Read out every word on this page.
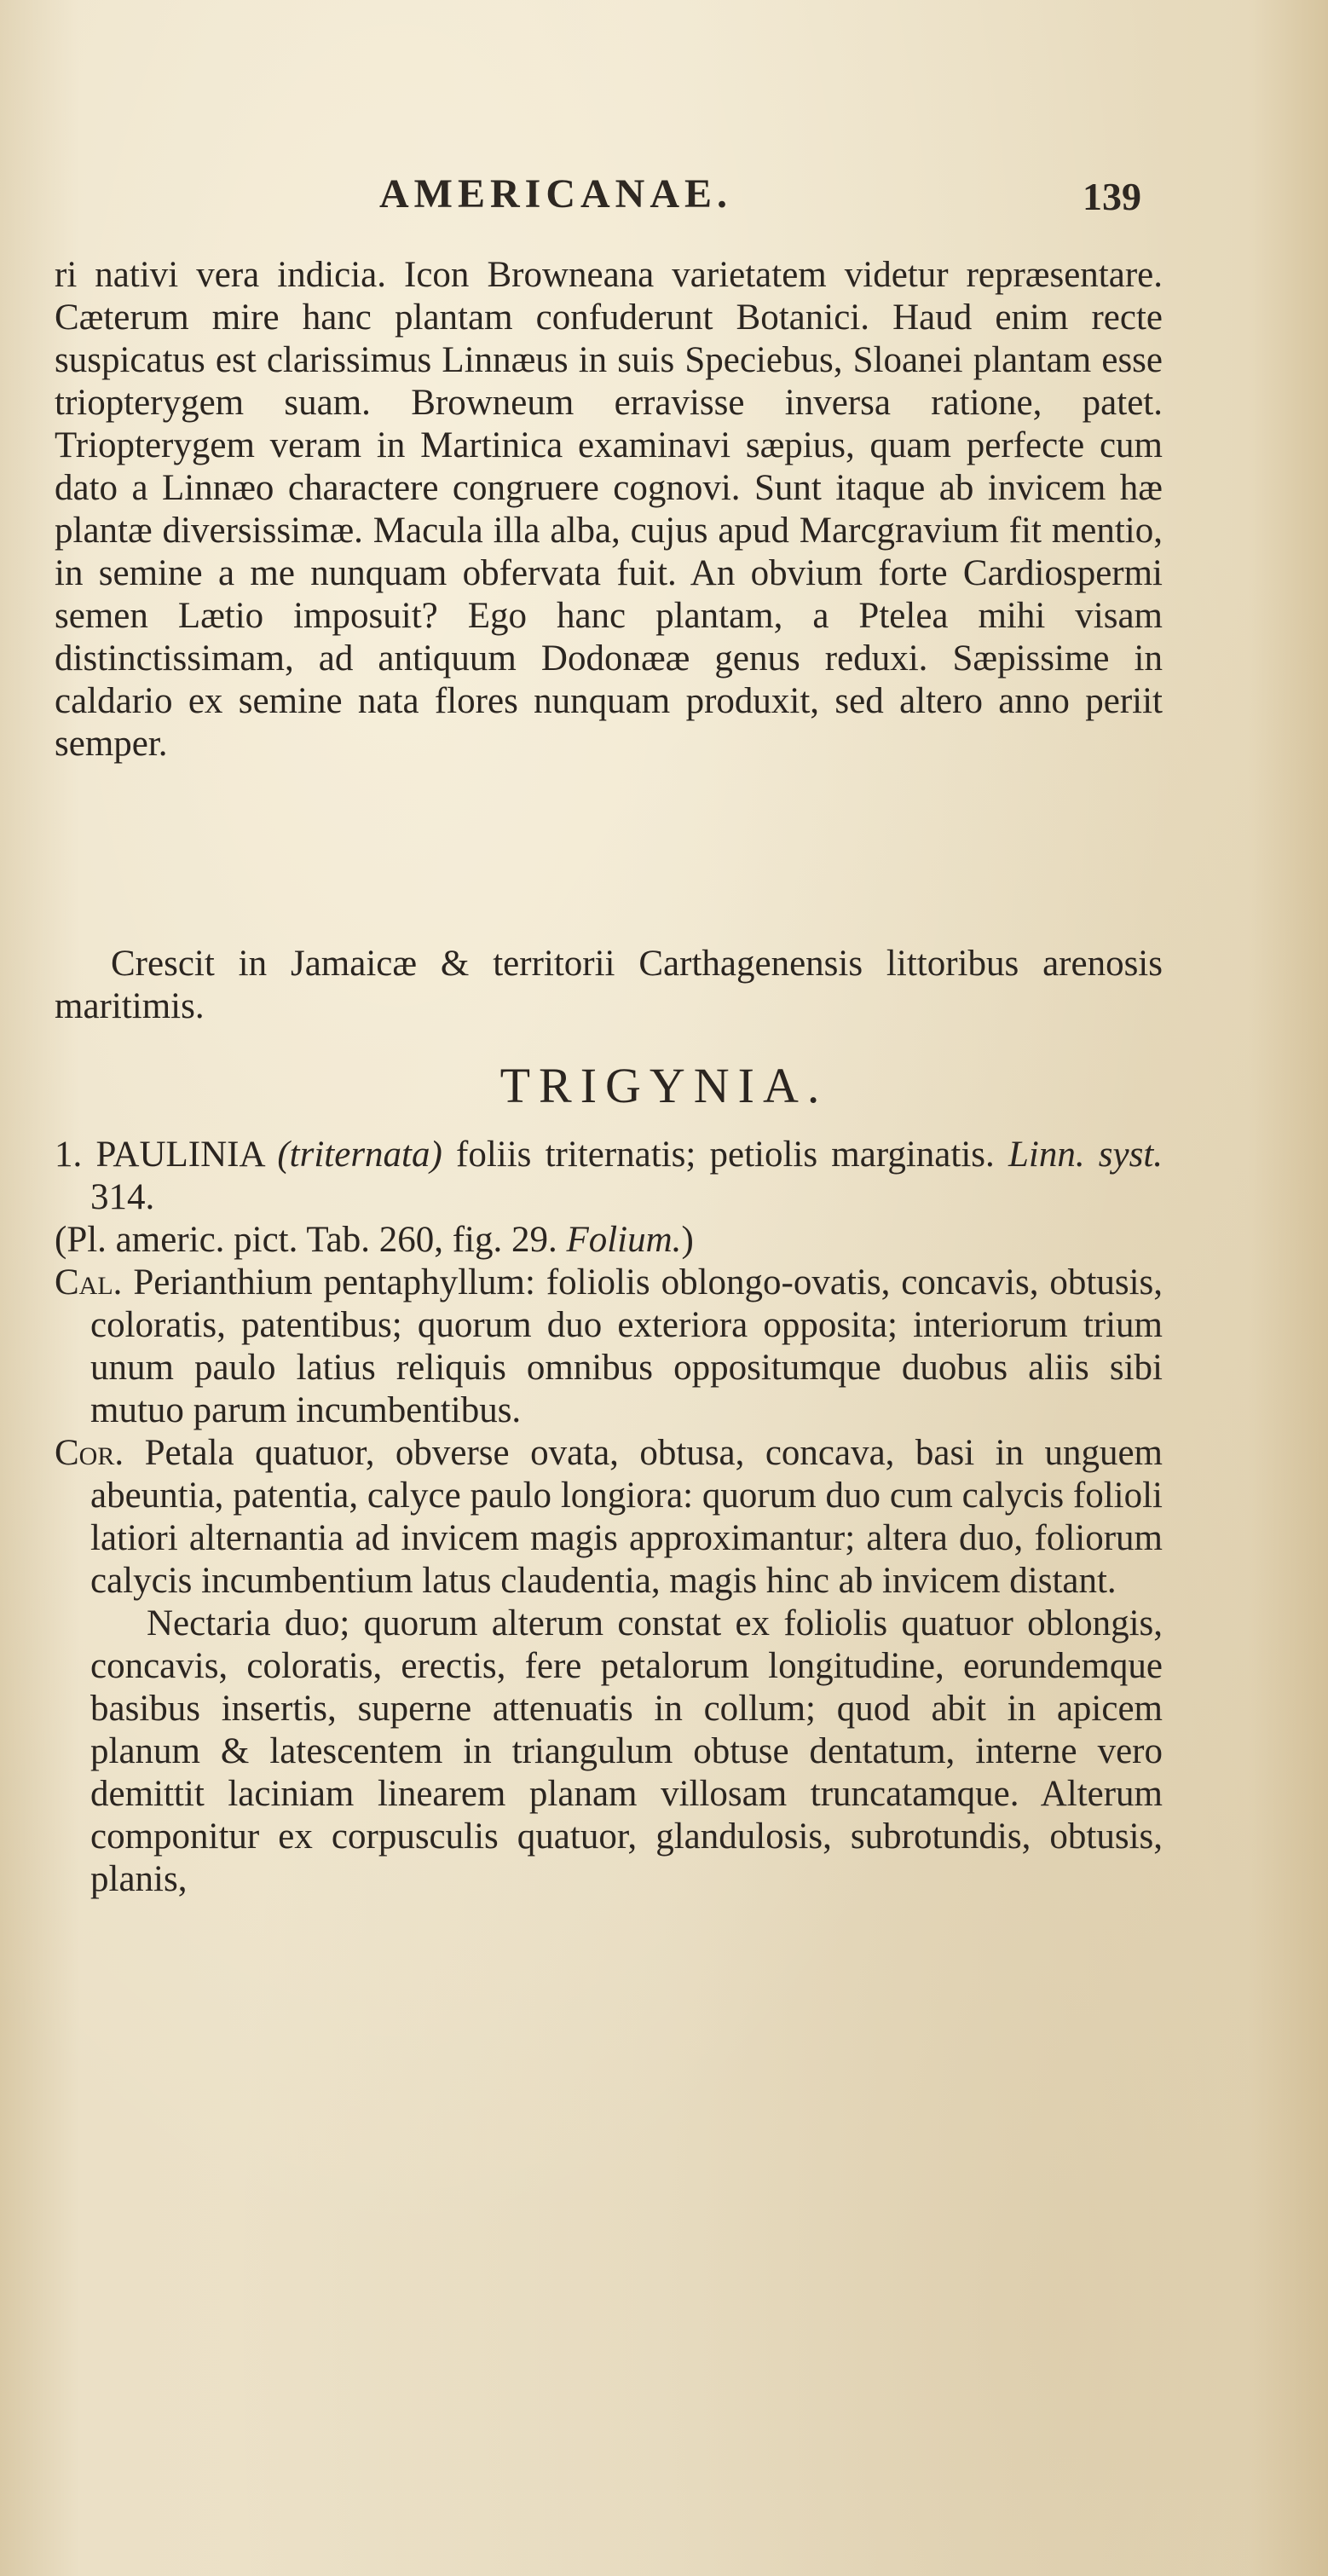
AMERICANAE.	139

ri nativi vera indicia. Icon Browneana varietatem videtur repræsentare. Cæterum mire hanc plantam confuderunt Botanici. Haud enim recte suspicatus est clarissimus Linnæus in suis Speciebus, Sloanei plantam esse triopterygem suam. Browneum erravisse inversa ratione, patet. Triopterygem veram in Martinica examinavi sæpius, quam perfecte cum dato a Linnæo charactere congruere cognovi. Sunt itaque ab invicem hæ plantæ diversissimæ. Macula illa alba, cujus apud Marcgravium fit mentio, in semine a me nunquam obfervata fuit. An obvium forte Cardiospermi semen Lætio imposuit? Ego hanc plantam, a Ptelea mihi visam distinctissimam, ad antiquum Dodonææ genus reduxi. Sæpissime in caldario ex semine nata flores nunquam produxit, sed altero anno periit semper.

Crescit in Jamaicæ & territorii Carthagenensis littoribus arenosis maritimis.

TRIGYNIA.
1. PAULINIA (triternata) foliis triternatis; petiolis marginatis. Linn. syst. 314.
(Pl. americ. pict. Tab. 260, fig. 29. Folium.)
Cal. Perianthium pentaphyllum: foliolis oblongo-ovatis, concavis, obtusis, coloratis, patentibus; quorum duo exteriora opposita; interiorum trium unum paulo latius reliquis omnibus oppositumque duobus aliis sibi mutuo parum incumbentibus.
Cor. Petala quatuor, obverse ovata, obtusa, concava, basi in unguem abeuntia, patentia, calyce paulo longiora: quorum duo cum calycis folioli latiori alternantia ad invicem magis approximantur; altera duo, foliorum calycis incumbentium latus claudentia, magis hinc ab invicem distant.
Nectaria duo; quorum alterum constat ex foliolis quatuor oblongis, concavis, coloratis, erectis, fere petalorum longitudine, eorundemque basibus insertis, superne attenuatis in collum; quod abit in apicem planum & latescentem in triangulum obtuse dentatum, interne vero demittit laciniam linearem planam villosam truncatamque. Alterum componitur ex corpusculis quatuor, glandulosis, subrotundis, obtusis, planis,
